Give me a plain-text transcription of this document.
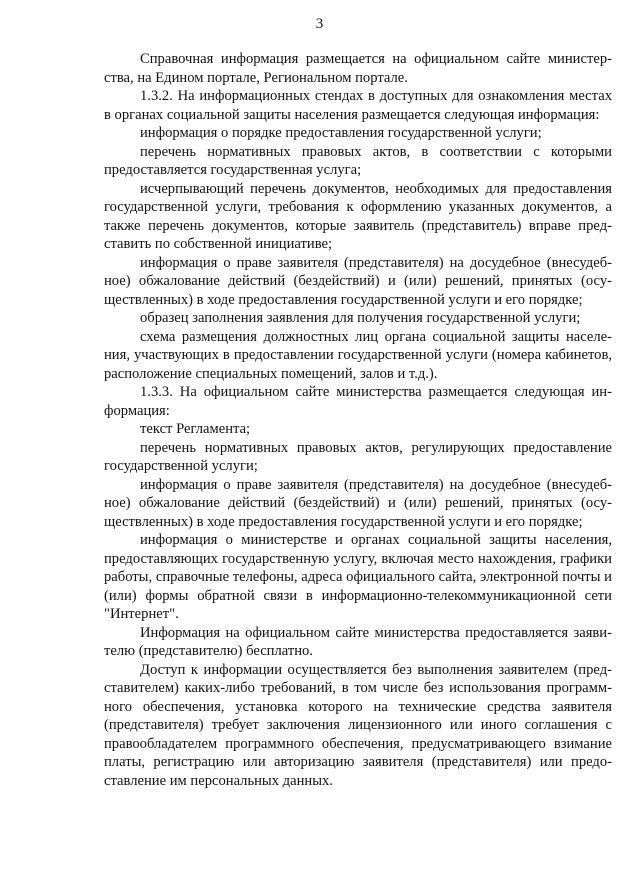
3

Справочная информация размещается на официальном сайте министерства, на Едином портале, Региональном портале.

1.3.2. На информационных стендах в доступных для ознакомления местах в органах социальной защиты населения размещается следующая информация:

информация о порядке предоставления государственной услуги;

перечень нормативных правовых актов, в соответствии с которыми предоставляется государственная услуга;

исчерпывающий перечень документов, необходимых для предоставления государственной услуги, требования к оформлению указанных документов, а также перечень документов, которые заявитель (представитель) вправе представить по собственной инициативе;

информация о праве заявителя (представителя) на досудебное (внесудебное) обжалование действий (бездействий) и (или) решений, принятых (осуществленных) в ходе предоставления государственной услуги и его порядке;

образец заполнения заявления для получения государственной услуги;

схема размещения должностных лиц органа социальной защиты населения, участвующих в предоставлении государственной услуги (номера кабинетов, расположение специальных помещений, залов и т.д.).

1.3.3. На официальном сайте министерства размещается следующая информация:

текст Регламента;

перечень нормативных правовых актов, регулирующих предоставление государственной услуги;

информация о праве заявителя (представителя) на досудебное (внесудебное) обжалование действий (бездействий) и (или) решений, принятых (осуществленных) в ходе предоставления государственной услуги и его порядке;

информация о министерстве и органах социальной защиты населения, предоставляющих государственную услугу, включая место нахождения, графики работы, справочные телефоны, адреса официального сайта, электронной почты и (или) формы обратной связи в информационно-телекоммуникационной сети "Интернет".

Информация на официальном сайте министерства предоставляется заявителю (представителю) бесплатно.

Доступ к информации осуществляется без выполнения заявителем (представителем) каких-либо требований, в том числе без использования программного обеспечения, установка которого на технические средства заявителя (представителя) требует заключения лицензионного или иного соглашения с правообладателем программного обеспечения, предусматривающего взимание платы, регистрацию или авторизацию заявителя (представителя) или предоставление им персональных данных.
